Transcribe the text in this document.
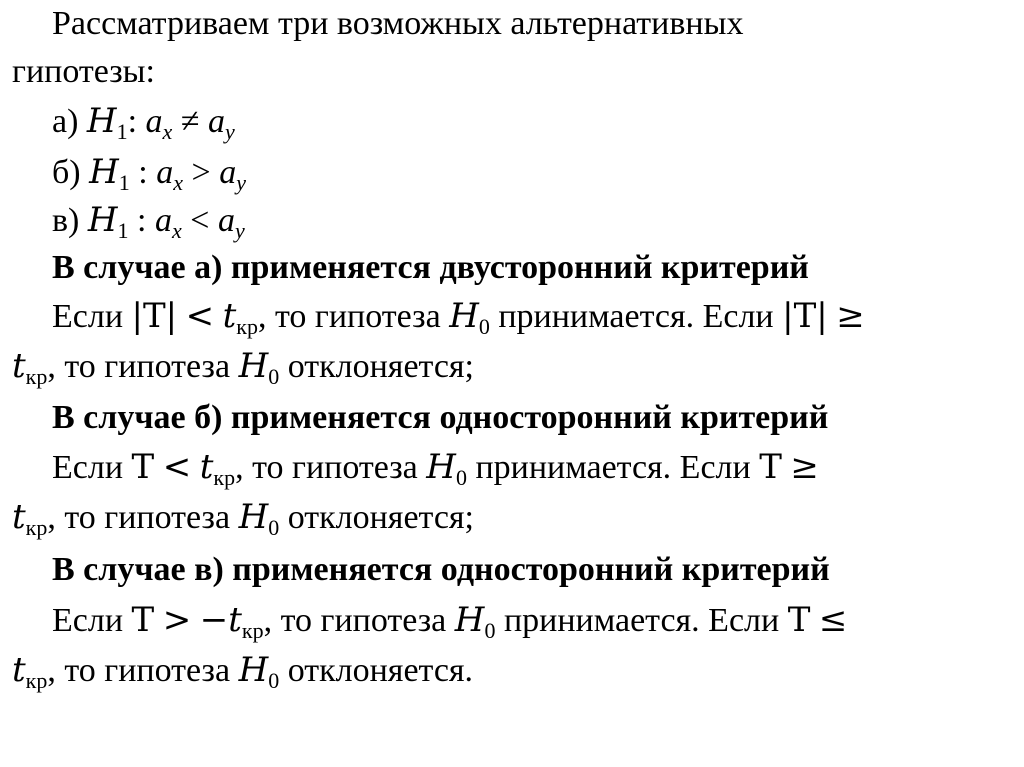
Рассматриваем три возможных альтернативных
гипотезы:
а) $H_1$: $a_x \ne a_y$
б) $H_1$ : $a_x$ ˃ $a_y$
в) $H_1$ : $a_x$ ˂ $a_y$
В случае а) применяется двусторонний критерий
Если $|T| < t_{кр}$, то гипотеза $H_0$ принимается. Если |T| ≥
$t_{кр}$, то гипотеза $H_0$ отклоняется;
В случае б) применяется односторонний критерий
Если $T < t_{кр}$, то гипотеза $H_0$ принимается. Если T ≥
$t_{кр}$, то гипотеза $H_0$ отклоняется;
В случае в) применяется односторонний критерий
Если $T > -t_{кр}$, то гипотеза $H_0$ принимается. Если T ≤
$t_{кр}$, то гипотеза $H_0$ отклоняется.
